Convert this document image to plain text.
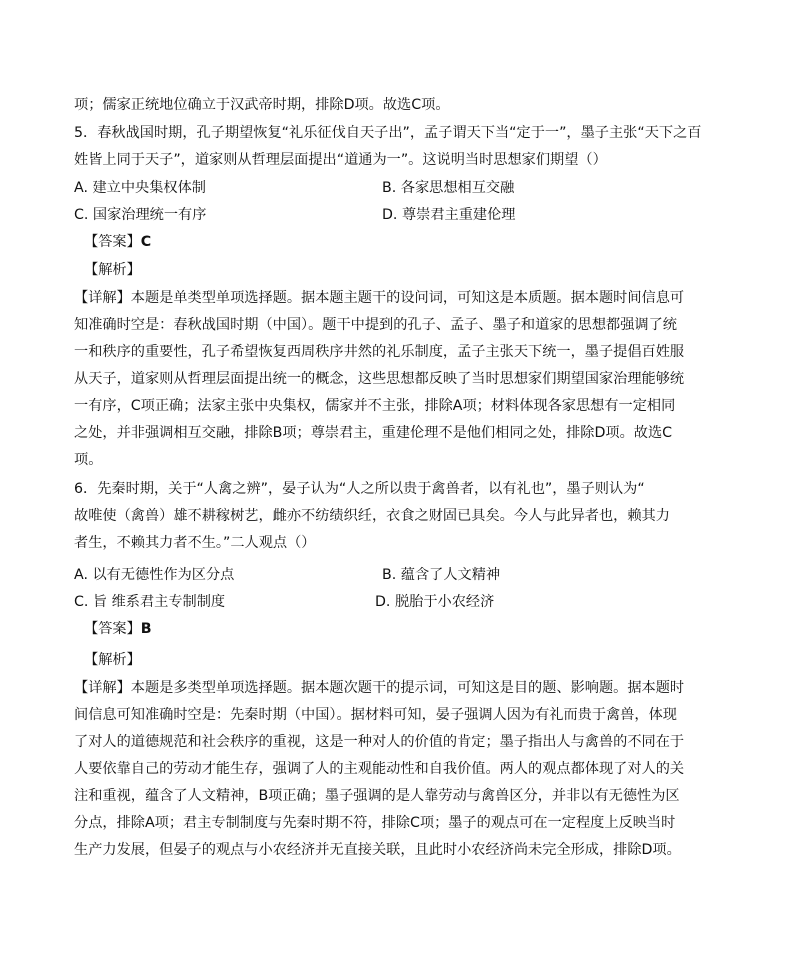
项；儒家正统地位确立于汉武帝时期，排除D项。故选C项。
5．春秋战国时期，孔子期望恢复“礼乐征伐自天子出”，孟子谓天下当“定于一”，墨子主张“天下之百
姓皆上同于天子”，道家则从哲理层面提出“道通为一”。这说明当时思想家们期望（）
A. 建立中央集权体制	B. 各家思想相互交融
C. 国家治理统一有序	D. 尊崇君主重建伦理
【答案】C
【解析】
【详解】本题是单类型单项选择题。据本题主题干的设问词，可知这是本质题。据本题时间信息可
知准确时空是：春秋战国时期（中国）。题干中提到的孔子、孟子、墨子和道家的思想都强调了统
一和秩序的重要性，孔子希望恢复西周秩序井然的礼乐制度，孟子主张天下统一，墨子提倡百姓服
从天子，道家则从哲理层面提出统一的概念，这些思想都反映了当时思想家们期望国家治理能够统
一有序，C项正确；法家主张中央集权，儒家并不主张，排除A项；材料体现各家思想有一定相同
之处，并非强调相互交融，排除B项；尊崇君主，重建伦理不是他们相同之处，排除D项。故选C
项。
6．先秦时期，关于“人禽之辨”，晏子认为“人之所以贵于禽兽者，以有礼也”，墨子则认为“
故唯使（禽兽）雄不耕稼树艺，雌亦不纺绩织纴，衣食之财固已具矣。今人与此异者也，赖其力
者生，不赖其力者不生。”二人观点（）
A. 以有无德性作为区分点	B. 蕴含了人文精神
C. 旨 维系君主专制制度	D. 脱胎于小农经济
【答案】B
【解析】
【详解】本题是多类型单项选择题。据本题次题干的提示词，可知这是目的题、影响题。据本题时
间信息可知准确时空是：先秦时期（中国）。据材料可知，晏子强调人因为有礼而贵于禽兽，体现
了对人的道德规范和社会秩序的重视，这是一种对人的价值的肯定；墨子指出人与禽兽的不同在于
人要依靠自己的劳动才能生存，强调了人的主观能动性和自我价值。两人的观点都体现了对人的关
注和重视，蕴含了人文精神，B项正确；墨子强调的是人靠劳动与禽兽区分，并非以有无德性为区
分点，排除A项；君主专制制度与先秦时期不符，排除C项；墨子的观点可在一定程度上反映当时
生产力发展，但晏子的观点与小农经济并无直接关联，且此时小农经济尚未完全形成，排除D项。
